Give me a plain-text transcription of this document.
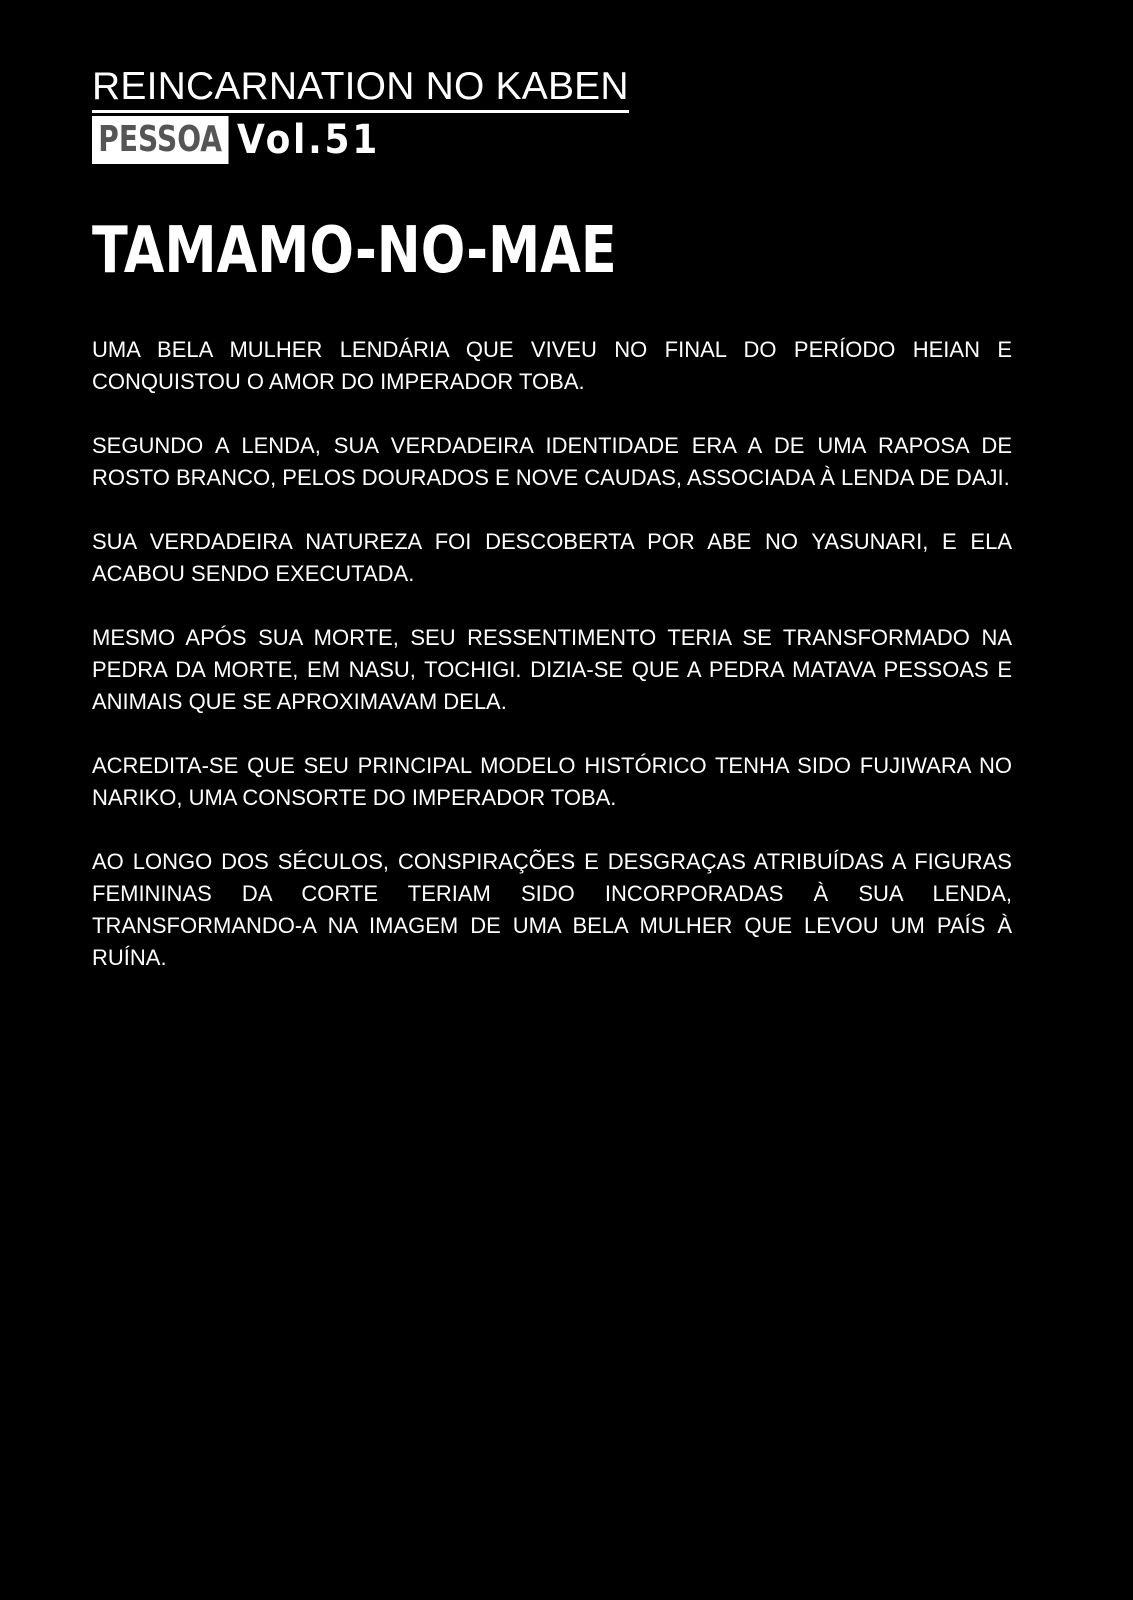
REINCARNATION NO KABEN
PESSOA Vol.51
TAMAMO-NO-MAE

UMA BELA MULHER LENDÁRIA QUE VIVEU NO FINAL DO PERÍODO HEIAN E CONQUISTOU O AMOR DO IMPERADOR TOBA.

SEGUNDO A LENDA, SUA VERDADEIRA IDENTIDADE ERA A DE UMA RAPOSA DE ROSTO BRANCO, PELOS DOURADOS E NOVE CAUDAS, ASSOCIADA À LENDA DE DAJI.

SUA VERDADEIRA NATUREZA FOI DESCOBERTA POR ABE NO YASUNARI, E ELA ACABOU SENDO EXECUTADA.

MESMO APÓS SUA MORTE, SEU RESSENTIMENTO TERIA SE TRANSFORMADO NA PEDRA DA MORTE, EM NASU, TOCHIGI. DIZIA-SE QUE A PEDRA MATAVA PESSOAS E ANIMAIS QUE SE APROXIMAVAM DELA.

ACREDITA-SE QUE SEU PRINCIPAL MODELO HISTÓRICO TENHA SIDO FUJIWARA NO NARIKO, UMA CONSORTE DO IMPERADOR TOBA.

AO LONGO DOS SÉCULOS, CONSPIRAÇÕES E DESGRAÇAS ATRIBUÍDAS A FIGURAS FEMININAS DA CORTE TERIAM SIDO INCORPORADAS À SUA LENDA, TRANSFORMANDO-A NA IMAGEM DE UMA BELA MULHER QUE LEVOU UM PAÍS À RUÍNA.
